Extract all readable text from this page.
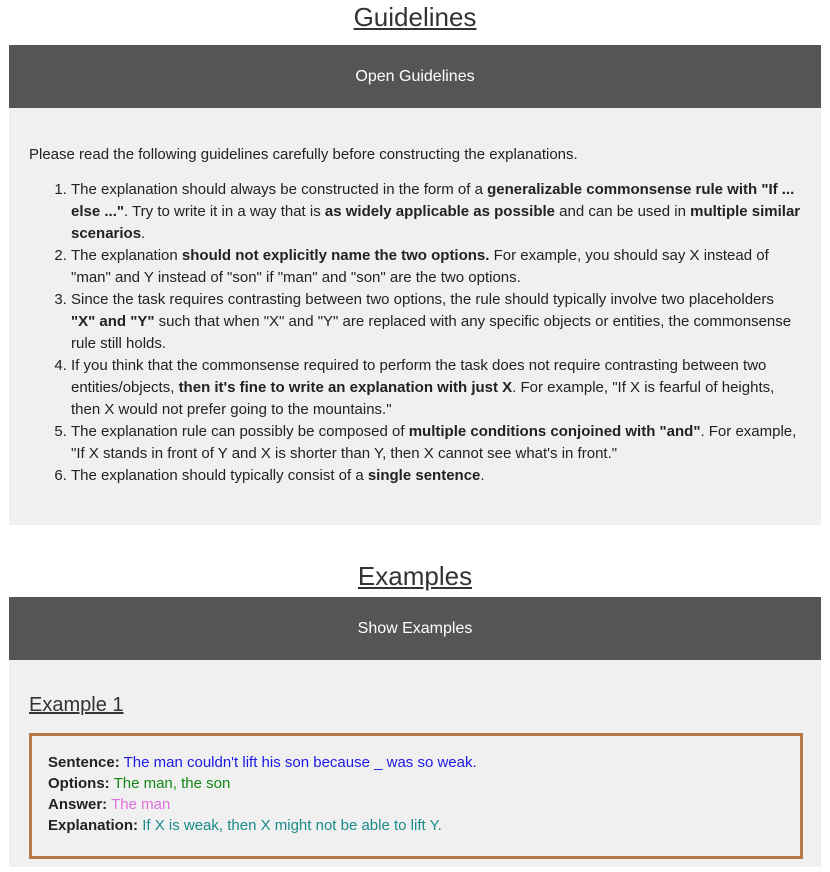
Guidelines
Open Guidelines

Please read the following guidelines carefully before constructing the explanations.

1. The explanation should always be constructed in the form of a generalizable commonsense rule with "If ... else ...". Try to write it in a way that is as widely applicable as possible and can be used in multiple similar scenarios.
2. The explanation should not explicitly name the two options. For example, you should say X instead of "man" and Y instead of "son" if "man" and "son" are the two options.
3. Since the task requires contrasting between two options, the rule should typically involve two placeholders "X" and "Y" such that when "X" and "Y" are replaced with any specific objects or entities, the commonsense rule still holds.
4. If you think that the commonsense required to perform the task does not require contrasting between two entities/objects, then it's fine to write an explanation with just X. For example, "If X is fearful of heights, then X would not prefer going to the mountains."
5. The explanation rule can possibly be composed of multiple conditions conjoined with "and". For example, "If X stands in front of Y and X is shorter than Y, then X cannot see what's in front."
6. The explanation should typically consist of a single sentence.
Examples
Show Examples
Example 1
Sentence: The man couldn't lift his son because _ was so weak.
Options: The man, the son
Answer: The man
Explanation: If X is weak, then X might not be able to lift Y.
